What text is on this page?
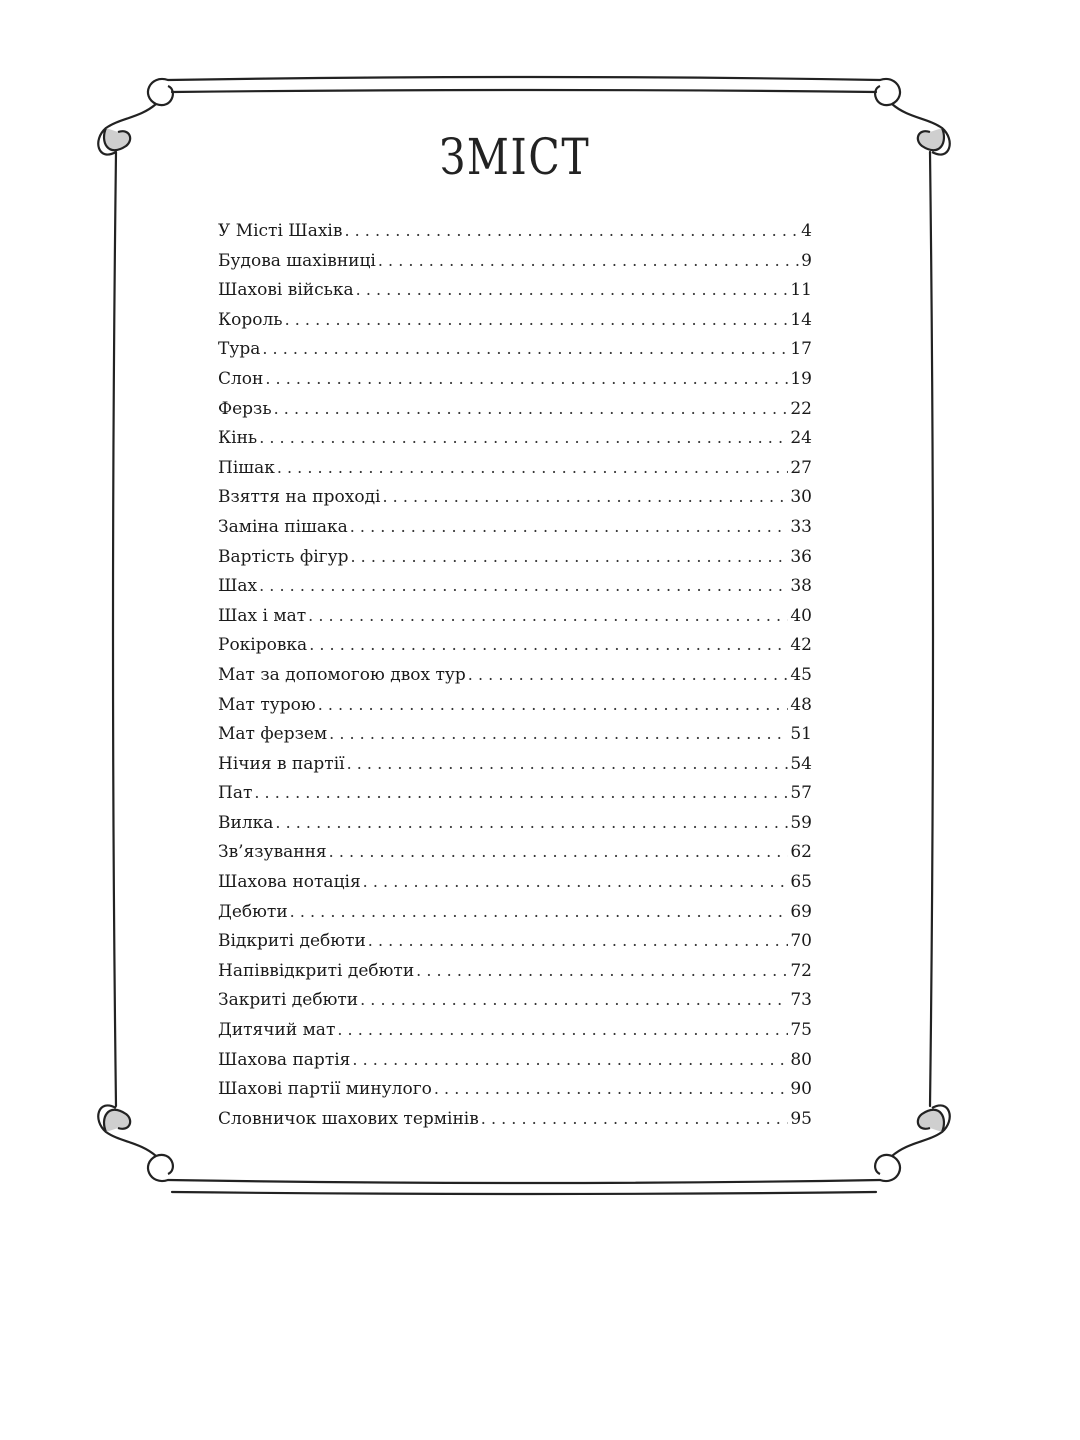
ЗМІСТ
У Місті Шахів . . .	4
Будова шахівниці . . .	9
Шахові війська . . .	11
Король . . .	14
Тура . . .	17
Слон . . .	19
Ферзь . . .	22
Кінь . . .	24
Пішак . . .	27
Взяття на проході . . .	30
Заміна пішака . . .	33
Вартість фігур . . .	36
Шах . . .	38
Шах і мат . . .	40
Рокіровка . . .	42
Мат за допомогою двох тур . . .	45
Мат турою . . .	48
Мат ферзем . . .	51
Нічия в партії . . .	54
Пат . . .	57
Вилка . . .	59
Зв’язування . . .	62
Шахова нотація . . .	65
Дебюти . . .	69
Відкриті дебюти . . .	70
Напіввідкриті дебюти . . .	72
Закриті дебюти . . .	73
Дитячий мат . . .	75
Шахова партія . . .	80
Шахові партії минулого . . .	90
Словничок шахових термінів . . .	95
